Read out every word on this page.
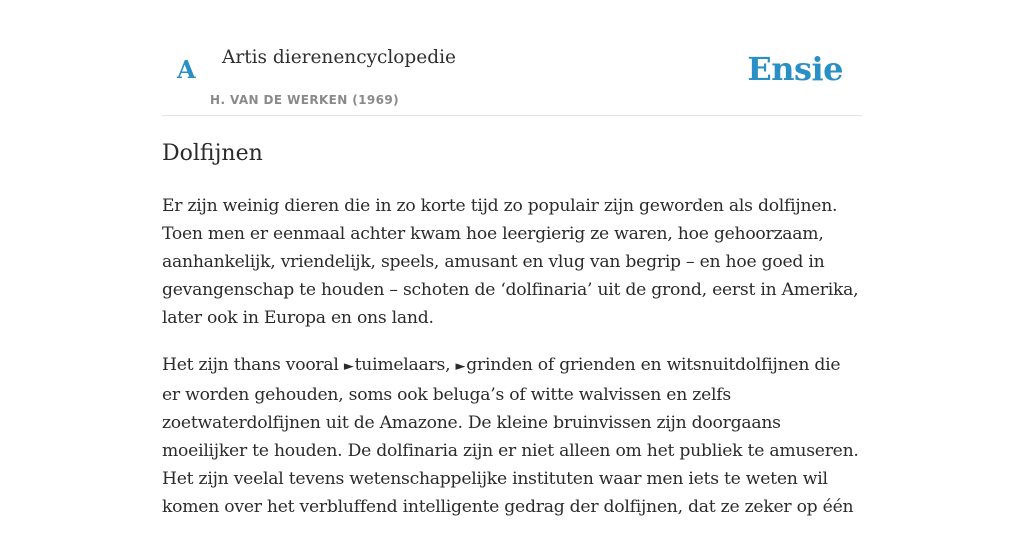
A Artis dierenencyclopedie
H. VAN DE WERKEN (1969)
Ensie
Dolfijnen

Er zijn weinig dieren die in zo korte tijd zo populair zijn geworden als dolfijnen.
Toen men er eenmaal achter kwam hoe leergierig ze waren, hoe gehoorzaam,
aanhankelijk, vriendelijk, speels, amusant en vlug van begrip – en hoe goed in
gevangenschap te houden – schoten de ‘dolfinaria’ uit de grond, eerst in Amerika,
later ook in Europa en ons land.

Het zijn thans vooral ►tuimelaars, ►grinden of grienden en witsnuitdolfijnen die
er worden gehouden, soms ook beluga’s of witte walvissen en zelfs
zoetwaterdolfijnen uit de Amazone. De kleine bruinvissen zijn doorgaans
moeilijker te houden. De dolfinaria zijn er niet alleen om het publiek te amuseren.
Het zijn veelal tevens wetenschappelijke instituten waar men iets te weten wil
komen over het verbluffend intelligente gedrag der dolfijnen, dat ze zeker op één
